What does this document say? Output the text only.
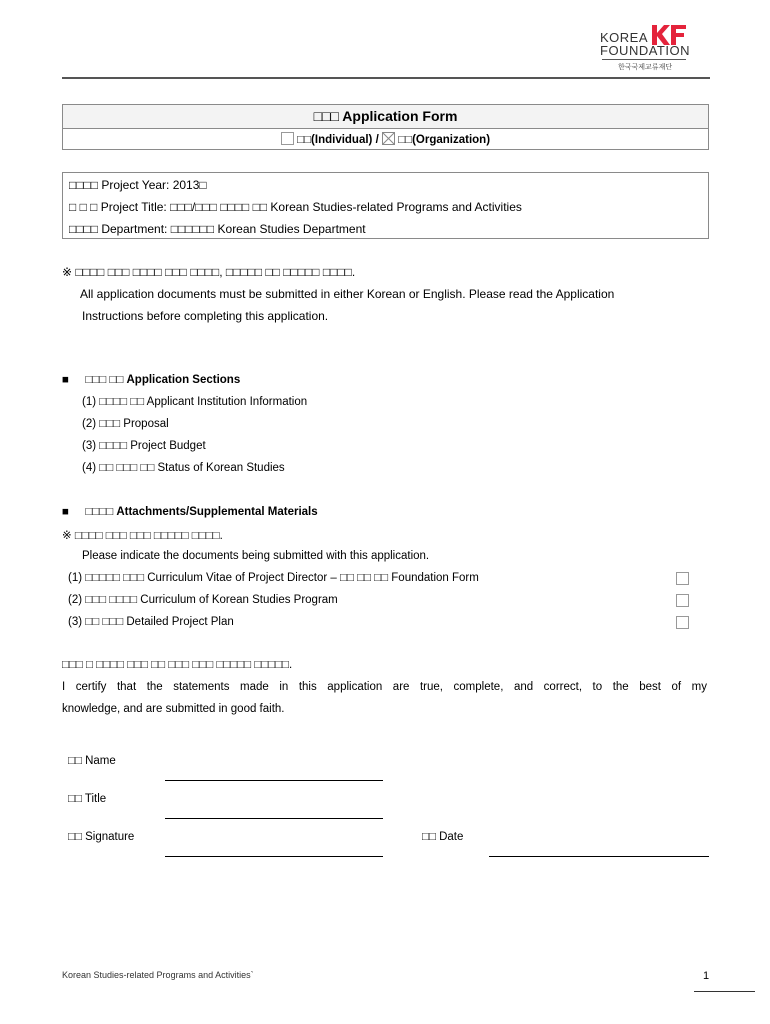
KOREA
FOUNDATION
한국국제교류재단
□□□ Application Form
□□(Individual) / □□(Organization)
□□□□ Project Year: 2013□
□ □ □ Project Title: □□□/□□□ □□□□ □□ Korean Studies-related Programs and Activities
□□□□ Department: □□□□□□ Korean Studies Department
※ □□□□ □□□ □□□□ □□□ □□□□, □□□□□ □□ □□□□□ □□□□.
All application documents must be submitted in either Korean or English. Please read the Application
Instructions before completing this application.
■ □□□ □□ Application Sections
(1) □□□□ □□ Applicant Institution Information
(2) □□□ Proposal
(3) □□□□ Project Budget
(4) □□ □□□ □□ Status of Korean Studies
■ □□□□ Attachments/Supplemental Materials
※ □□□□ □□□ □□□ □□□□□ □□□□.
Please indicate the documents being submitted with this application.
(1) □□□□□ □□□ Curriculum Vitae of Project Director – □□ □□ □□ Foundation Form
(2) □□□ □□□□ Curriculum of Korean Studies Program
(3) □□ □□□ Detailed Project Plan
□□□ □ □□□□ □□□ □□ □□□ □□□ □□□□□ □□□□□.
I certify that the statements made in this application are true, complete, and correct, to the best of my
knowledge, and are submitted in good faith.
□□ Name
□□ Title
□□ Signature	□□ Date
Korean Studies-related Programs and Activities`	1
